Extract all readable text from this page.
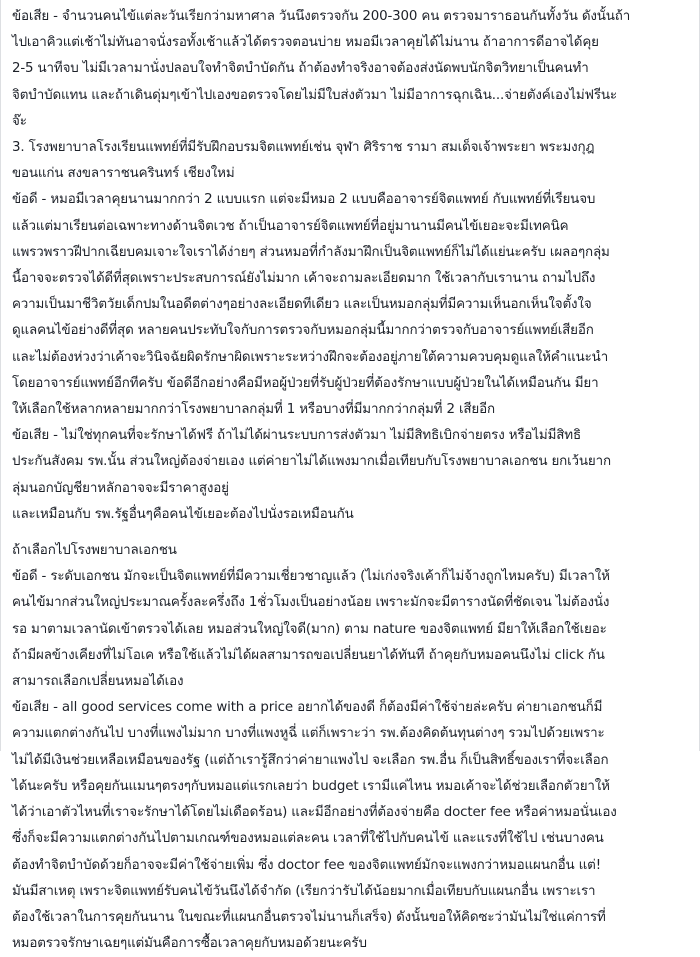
ข้อเสีย - จำนวนคนไข้แต่ละวันเรียกว่ามหาศาล วันนึงตรวจกัน 200-300 คน ตรวจมาราธอนกันทั้งวัน ดังนั้นถ้า
ไปเอาคิวแต่เช้าไม่ทันอาจนั่งรอทั้งเช้าแล้วได้ตรวจตอนบ่าย หมอมีเวลาคุยได้ไม่นาน ถ้าอาการดีอาจได้คุย
2-5 นาทีจบ ไม่มีเวลามานั่งปลอบใจทำจิตบำบัดกัน ถ้าต้องทำจริงอาจต้องส่งนัดพบนักจิตวิทยาเป็นคนทำ
จิตบำบัดแทน และถ้าเดินดุ่มๆเข้าไปเองขอตรวจโดยไม่มีใบส่งตัวมา ไม่มีอาการฉุกเฉิน...จ่ายตังค์เองไม่ฟรีนะ
จ๊ะ
3. โรงพยาบาลโรงเรียนแพทย์ที่มีรับฝึกอบรมจิตแพทย์เช่น จุฬา ศิริราช รามา สมเด็จเจ้าพระยา พระมงกุฎ
ขอนแก่น สงขลาราชนครินทร์ เชียงใหม่
ข้อดี - หมอมีเวลาคุยนานมากกว่า 2 แบบแรก แต่จะมีหมอ 2 แบบคืออาจารย์จิตแพทย์ กับแพทย์ที่เรียนจบ
แล้วแต่มาเรียนต่อเฉพาะทางด้านจิตเวช ถ้าเป็นอาจารย์จิตแพทย์ที่อยู่มานานมีคนไข้เยอะจะมีเทคนิค
แพรวพราวฝีปากเฉียบคมเจาะใจเราได้ง่ายๆ ส่วนหมอที่กำลังมาฝึกเป็นจิตแพทย์ก็ไม่ได้แย่นะครับ เผลอๆกลุ่ม
นี้อาจจะตรวจได้ดีที่สุดเพราะประสบการณ์ยังไม่มาก เค้าจะถามละเอียดมาก ใช้เวลากับเรานาน ถามไปถึง
ความเป็นมาชีวิตวัยเด็กปมในอดีตต่างๆอย่างละเอียดทีเดียว และเป็นหมอกลุ่มที่มีความเห็นอกเห็นใจตั้งใจ
ดูแลคนไข้อย่างดีที่สุด หลายคนประทับใจกับการตรวจกับหมอกลุ่มนี้มากกว่าตรวจกับอาจารย์แพทย์เสียอีก
และไม่ต้องห่วงว่าเค้าจะวินิจฉัยผิดรักษาผิดเพราะระหว่างฝึกจะต้องอยู่ภายใต้ความควบคุมดูแลให้คำแนะนำ
โดยอาจารย์แพทย์อีกทีครับ ข้อดีอีกอย่างคือมีหอผู้ป่วยที่รับผู้ป่วยที่ต้องรักษาแบบผู้ป่วยในได้เหมือนกัน มียา
ให้เลือกใช้หลากหลายมากกว่าโรงพยาบาลกลุ่มที่ 1 หรือบางที่มีมากกว่ากลุ่มที่ 2 เสียอีก
ข้อเสีย - ไม่ใช่ทุกคนที่จะรักษาได้ฟรี ถ้าไม่ได้ผ่านระบบการส่งตัวมา ไม่มีสิทธิเบิกจ่ายตรง หรือไม่มีสิทธิ
ประกันสังคม รพ.นั้น ส่วนใหญ่ต้องจ่ายเอง แต่ค่ายาไม่ได้แพงมากเมื่อเทียบกับโรงพยาบาลเอกชน ยกเว้นยาก
ลุ่มนอกบัญชียาหลักอาจจะมีราคาสูงอยู่
และเหมือนกับ รพ.รัฐอื่นๆคือคนไข้เยอะต้องไปนั่งรอเหมือนกัน
ถ้าเลือกไปโรงพยาบาลเอกชน
ข้อดี - ระดับเอกชน มักจะเป็นจิตแพทย์ที่มีความเชี่ยวชาญแล้ว (ไม่เก่งจริงเค้าก็ไม่จ้างถูกไหมครับ) มีเวลาให้
คนไข้มากส่วนใหญ่ประมาณครั้งละครึ่งถึง 1ชั่วโมงเป็นอย่างน้อย เพราะมักจะมีตารางนัดที่ชัดเจน ไม่ต้องนั่ง
รอ มาตามเวลานัดเข้าตรวจได้เลย หมอส่วนใหญ่ใจดี(มาก) ตาม nature ของจิตแพทย์ มียาให้เลือกใช้เยอะ
ถ้ามีผลข้างเคียงที่ไม่โอเค หรือใช้แล้วไม่ได้ผลสามารถขอเปลี่ยนยาได้ทันที ถ้าคุยกับหมอคนนึงไม่ click กัน
สามารถเลือกเปลี่ยนหมอได้เอง
ข้อเสีย - all good services come with a price อยากได้ของดี ก็ต้องมีค่าใช้จ่ายล่ะครับ ค่ายาเอกชนก็มี
ความแตกต่างกันไป บางที่แพงไม่มาก บางที่แพงหูฉี่ แต่ก็เพราะว่า รพ.ต้องคิดต้นทุนต่างๆ รวมไปด้วยเพราะ
ไม่ได้มีเงินช่วยเหลือเหมือนของรัฐ (แต่ถ้าเรารู้สึกว่าค่ายาแพงไป จะเลือก รพ.อื่น ก็เป็นสิทธิ์ของเราที่จะเลือก
ได้นะครับ หรือคุยกันแมนๆตรงๆกับหมอแต่แรกเลยว่า budget เรามีแค่ไหน หมอเค้าจะได้ช่วยเลือกตัวยาให้
ได้ว่าเอาตัวไหนที่เราจะรักษาได้โดยไม่เดือดร้อน) และมีอีกอย่างที่ต้องจ่ายคือ docter fee หรือค่าหมอนั่นเอง
ซึ่งก็จะมีความแตกต่างกันไปตามเกณฑ์ของหมอแต่ละคน เวลาที่ใช้ไปกับคนไข้ และแรงที่ใช้ไป เช่นบางคน
ต้องทำจิตบำบัดด้วยก็อาจจะมีค่าใช้จ่ายเพิ่ม ซึ่ง doctor fee ของจิตแพทย์มักจะแพงกว่าหมอแผนกอื่น แต่!
มันมีสาเหตุ เพราะจิตแพทย์รับคนไข้วันนึงได้จำกัด (เรียกว่ารับได้น้อยมากเมื่อเทียบกับแผนกอื่น เพราะเรา
ต้องใช้เวลาในการคุยกันนาน ในขณะที่แผนกอื่นตรวจไม่นานก็เสร็จ) ดังนั้นขอให้คิดซะว่ามันไม่ใช่แค่การที่
หมอตรวจรักษาเฉยๆแต่มันคือการซื้อเวลาคุยกับหมอด้วยนะครับ
